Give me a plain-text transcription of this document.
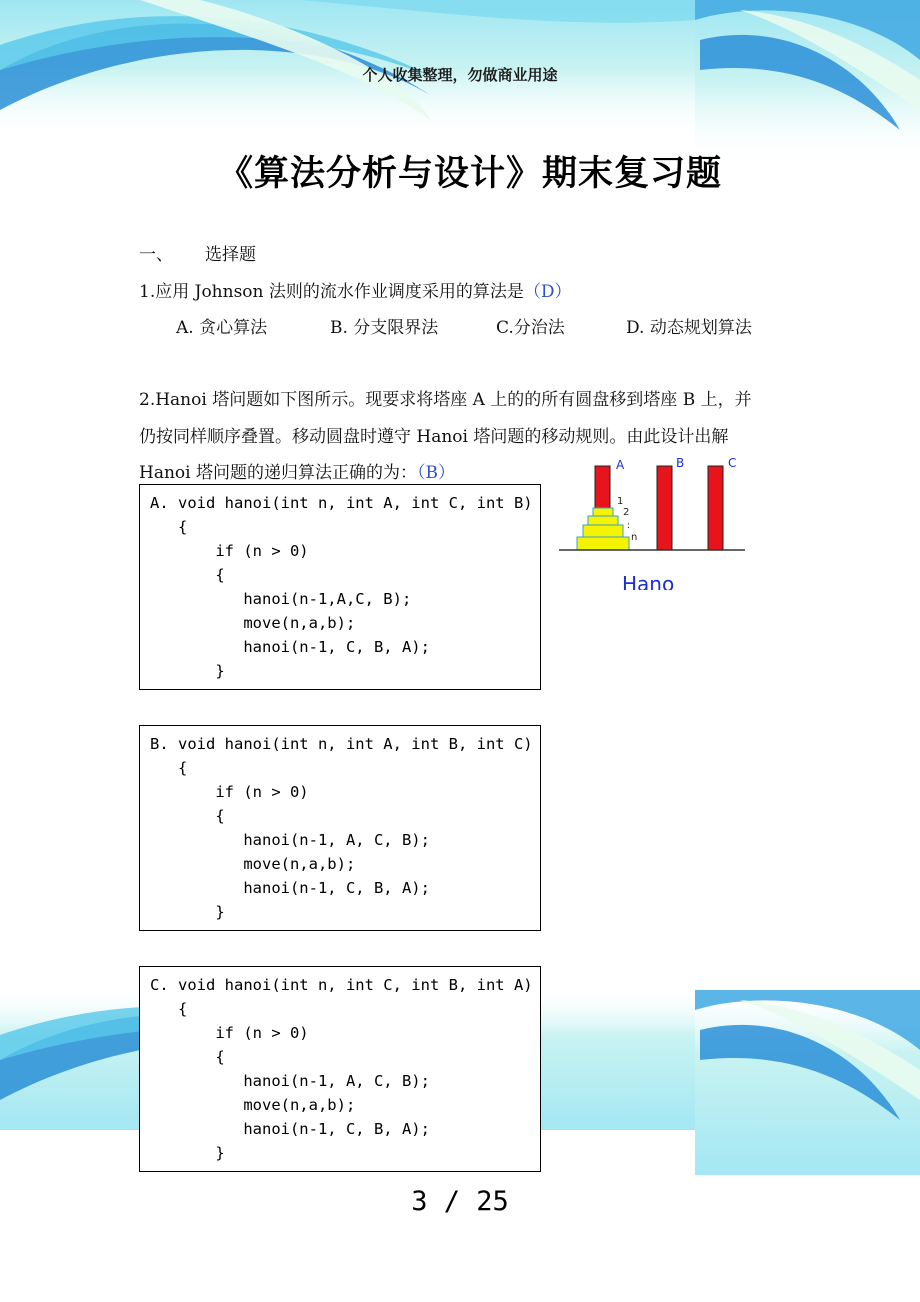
个人收集整理，勿做商业用途
《算法分析与设计》期末复习题
一、 选择题
1.应用 Johnson 法则的流水作业调度采用的算法是（D）
A. 贪心算法	B. 分支限界法	C.分治法	D. 动态规划算法
2.Hanoi 塔问题如下图所示。现要求将塔座 A 上的的所有圆盘移到塔座 B 上，并
仍按同样顺序叠置。移动圆盘时遵守 Hanoi 塔问题的移动规则。由此设计出解
Hanoi 塔问题的递归算法正确的为：（B）	A	B	C
1
2
:
n
Hano
A. void hanoi(int n, int A, int C, int B)
{
if (n > 0)
{
hanoi(n-1,A,C, B);
move(n,a,b);
hanoi(n-1, C, B, A);
}
B. void hanoi(int n, int A, int B, int C)
{
if (n > 0)
{
hanoi(n-1, A, C, B);
move(n,a,b);
hanoi(n-1, C, B, A);
}
C. void hanoi(int n, int C, int B, int A)
{
if (n > 0)
{
hanoi(n-1, A, C, B);
move(n,a,b);
hanoi(n-1, C, B, A);
}
3 / 25
